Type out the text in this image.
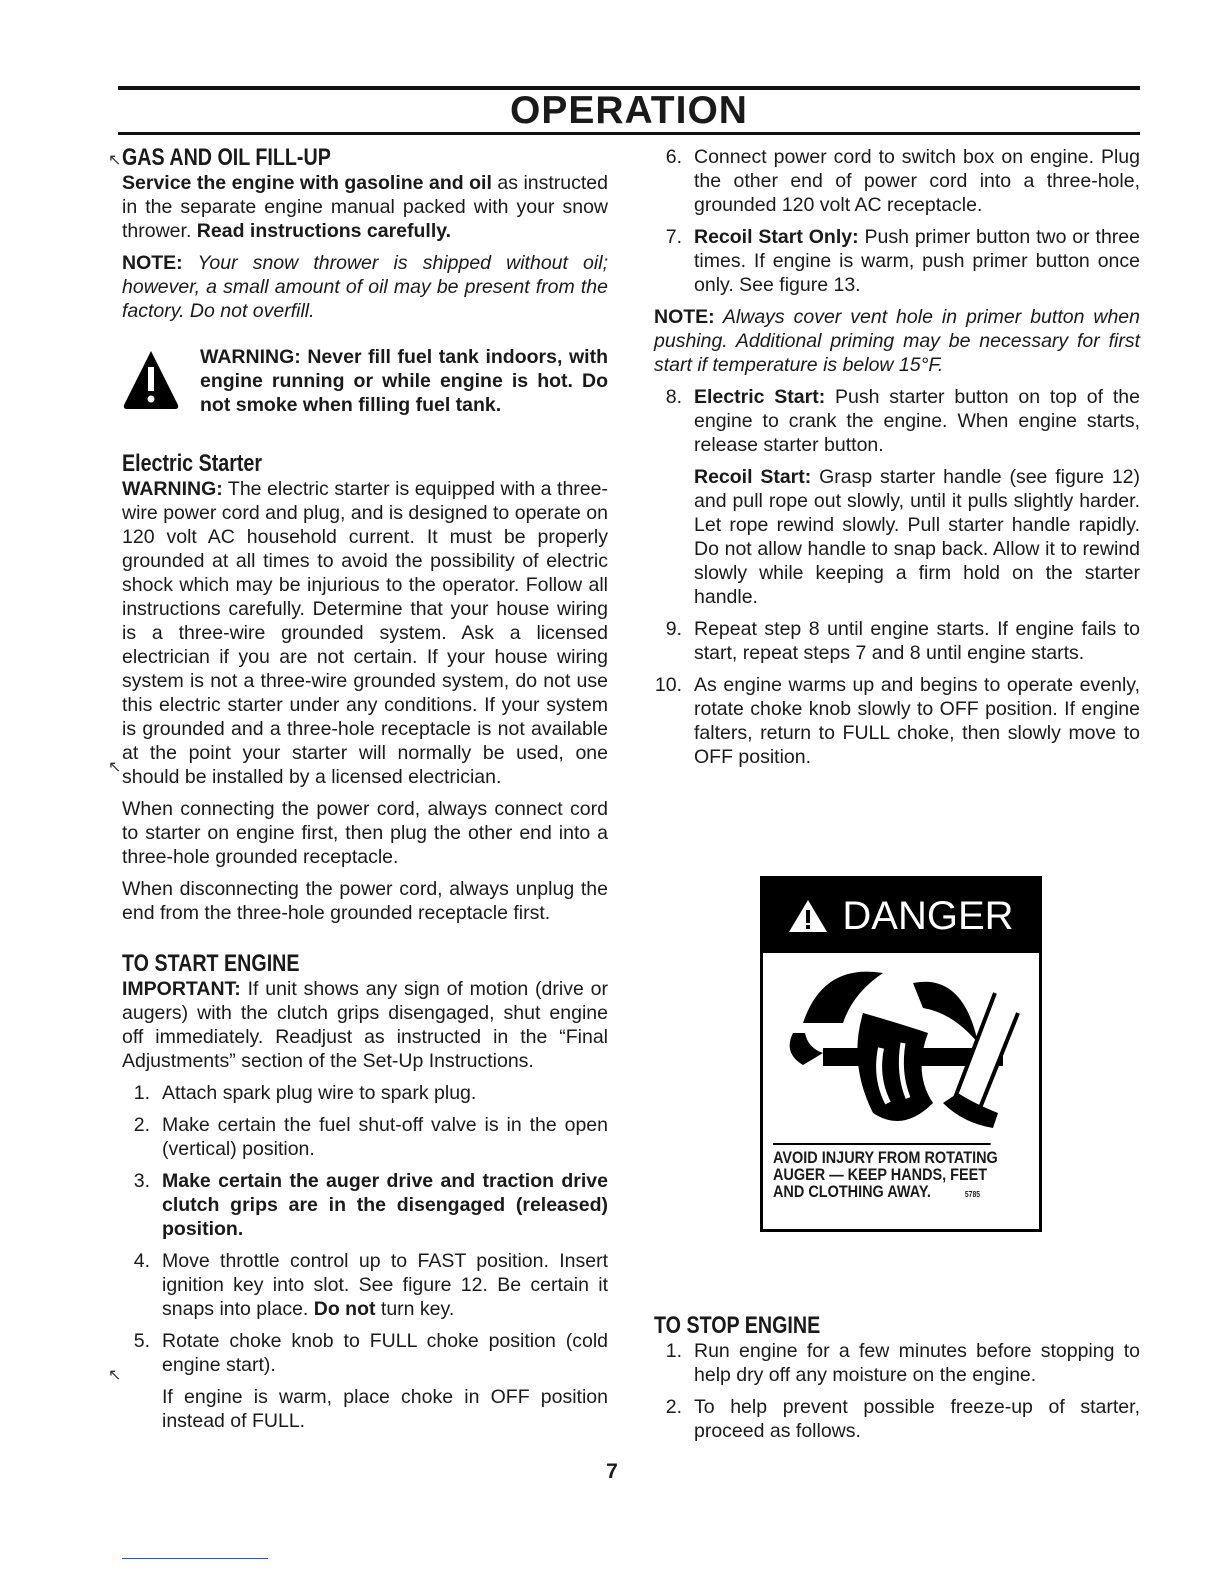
OPERATION
↖
↖
↖
GAS AND OIL FILL-UP

Service the engine with gasoline and oil as instructed in the separate engine manual packed with your snow thrower. Read instructions carefully.

NOTE: Your snow thrower is shipped without oil; however, a small amount of oil may be present from the factory. Do not overfill.

WARNING: Never fill fuel tank indoors, with engine running or while engine is hot. Do not smoke when filling fuel tank.
Electric Starter

WARNING: The electric starter is equipped with a three-wire power cord and plug, and is designed to operate on 120 volt AC household current. It must be properly grounded at all times to avoid the possibility of electric shock which may be injurious to the operator. Follow all instructions carefully. Determine that your house wiring is a three-wire grounded system. Ask a licensed electrician if you are not certain. If your house wiring system is not a three-wire grounded system, do not use this electric starter under any conditions. If your system is grounded and a three-hole receptacle is not available at the point your starter will normally be used, one should be installed by a licensed electrician.

When connecting the power cord, always connect cord to starter on engine first, then plug the other end into a three-hole grounded receptacle.

When disconnecting the power cord, always unplug the end from the three-hole grounded receptacle first.

TO START ENGINE

IMPORTANT: If unit shows any sign of motion (drive or augers) with the clutch grips disengaged, shut engine off immediately. Readjust as instructed in the “Final Adjustments” section of the Set-Up Instructions.

1. Attach spark plug wire to spark plug.
2. Make certain the fuel shut-off valve is in the open (vertical) position.
3. Make certain the auger drive and traction drive clutch grips are in the disengaged (released) position.
4. Move throttle control up to FAST position. Insert ignition key into slot. See figure 12. Be certain it snaps into place. Do not turn key.
5. Rotate choke knob to FULL choke position (cold engine start).

If engine is warm, place choke in OFF position instead of FULL.

6. Connect power cord to switch box on engine. Plug the other end of power cord into a three-hole, grounded 120 volt AC receptacle.
7. Recoil Start Only: Push primer button two or three times. If engine is warm, push primer button once only. See figure 13.

NOTE: Always cover vent hole in primer button when pushing. Additional priming may be necessary for first start if temperature is below 15°F.

8. Electric Start: Push starter button on top of the engine to crank the engine. When engine starts, release starter button.

Recoil Start: Grasp starter handle (see figure 12) and pull rope out slowly, until it pulls slightly harder. Let rope rewind slowly. Pull starter handle rapidly. Do not allow handle to snap back. Allow it to rewind slowly while keeping a firm hold on the starter handle.

9. Repeat step 8 until engine starts. If engine fails to start, repeat steps 7 and 8 until engine starts.
10. As engine warms up and begins to operate evenly, rotate choke knob slowly to OFF position. If engine falters, return to FULL choke, then slowly move to OFF position.
DANGER
AVOID INJURY FROM ROTATING
AUGER — KEEP HANDS, FEET
AND CLOTHING AWAY.	5785
TO STOP ENGINE
1. Run engine for a few minutes before stopping to help dry off any moisture on the engine.
2. To help prevent possible freeze-up of starter, proceed as follows.
7
